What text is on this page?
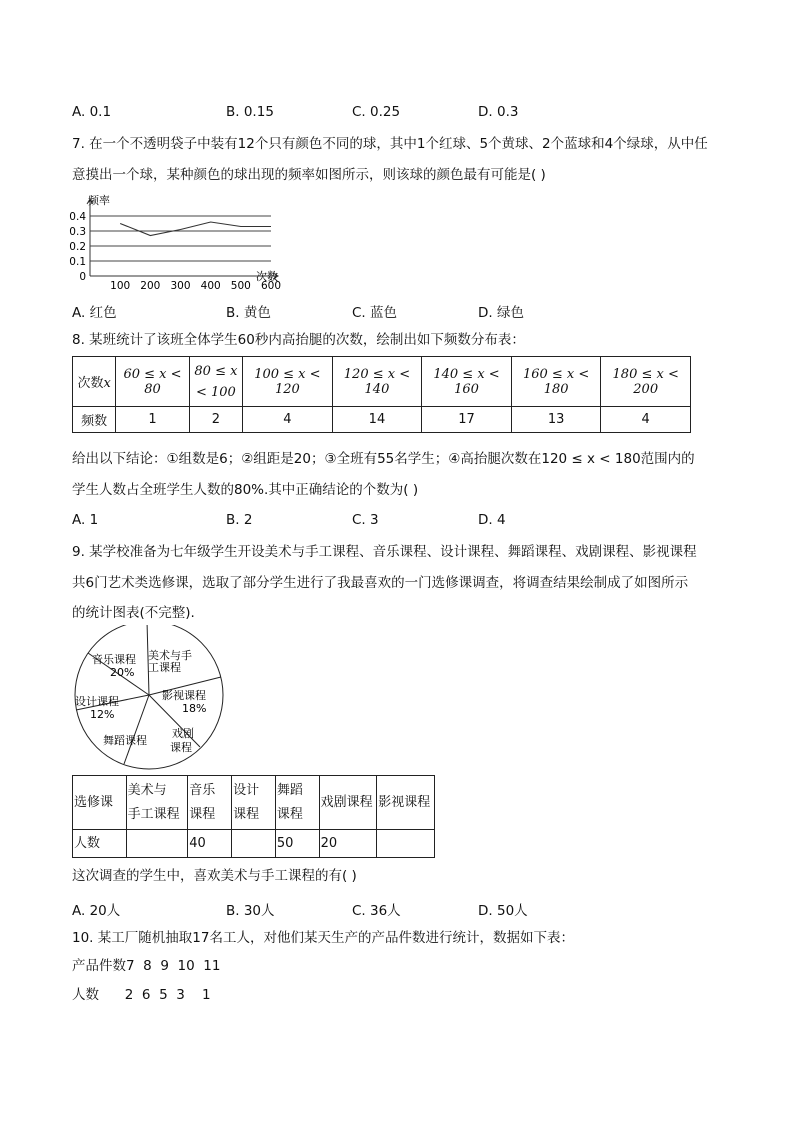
A. 0.1	B. 0.15	C. 0.25	D. 0.3
7. 在一个不透明袋子中装有12个只有颜色不同的球，其中1个红球、5个黄球、2个蓝球和4个绿球，从中任
意摸出一个球，某种颜色的球出现的频率如图所示，则该球的颜色最有可能是( )
0
0.1
0.2
0.3
0.4
100 200 300 400 500 600
频率
次数
A. 红色	B. 黄色	C. 蓝色	D. 绿色
8. 某班统计了该班全体学生60秒内高抬腿的次数，绘制出如下频数分布表：
次数x	60 ≤ x < 80	80 ≤ x
< 100	100 ≤ x < 120	120 ≤ x < 140	140 ≤ x < 160	160 ≤ x < 180	180 ≤ x < 200
频数	1	2	4	14	17	13	4
给出以下结论：①组数是6；②组距是20；③全班有55名学生；④高抬腿次数在120 ≤ x < 180范围内的
学生人数占全班学生人数的80%.其中正确结论的个数为( )
A. 1	B. 2	C. 3	D. 4
9. 某学校准备为七年级学生开设美术与手工课程、音乐课程、设计课程、舞蹈课程、戏剧课程、影视课程
共6门艺术类选修课，选取了部分学生进行了我最喜欢的一门选修课调查，将调查结果绘制成了如图所示
的统计图表(不完整).
音乐课程
20%
美术与手
工课程
影视课程
18%
设计课程
12%
舞蹈课程
戏剧
课程
选修课	美术与
手工课程	音乐
课程	设计
课程	舞蹈
课程	戏剧课程	影视课程
人数		40		50	20	
这次调查的学生中，喜欢美术与手工课程的有( )
A. 20人	B. 30人	C. 36人	D. 50人
10. 某工厂随机抽取17名工人，对他们某天生产的产品件数进行统计，数据如下表：
产品件数7  8  9  10  11
人数      2  6  5  3    1
